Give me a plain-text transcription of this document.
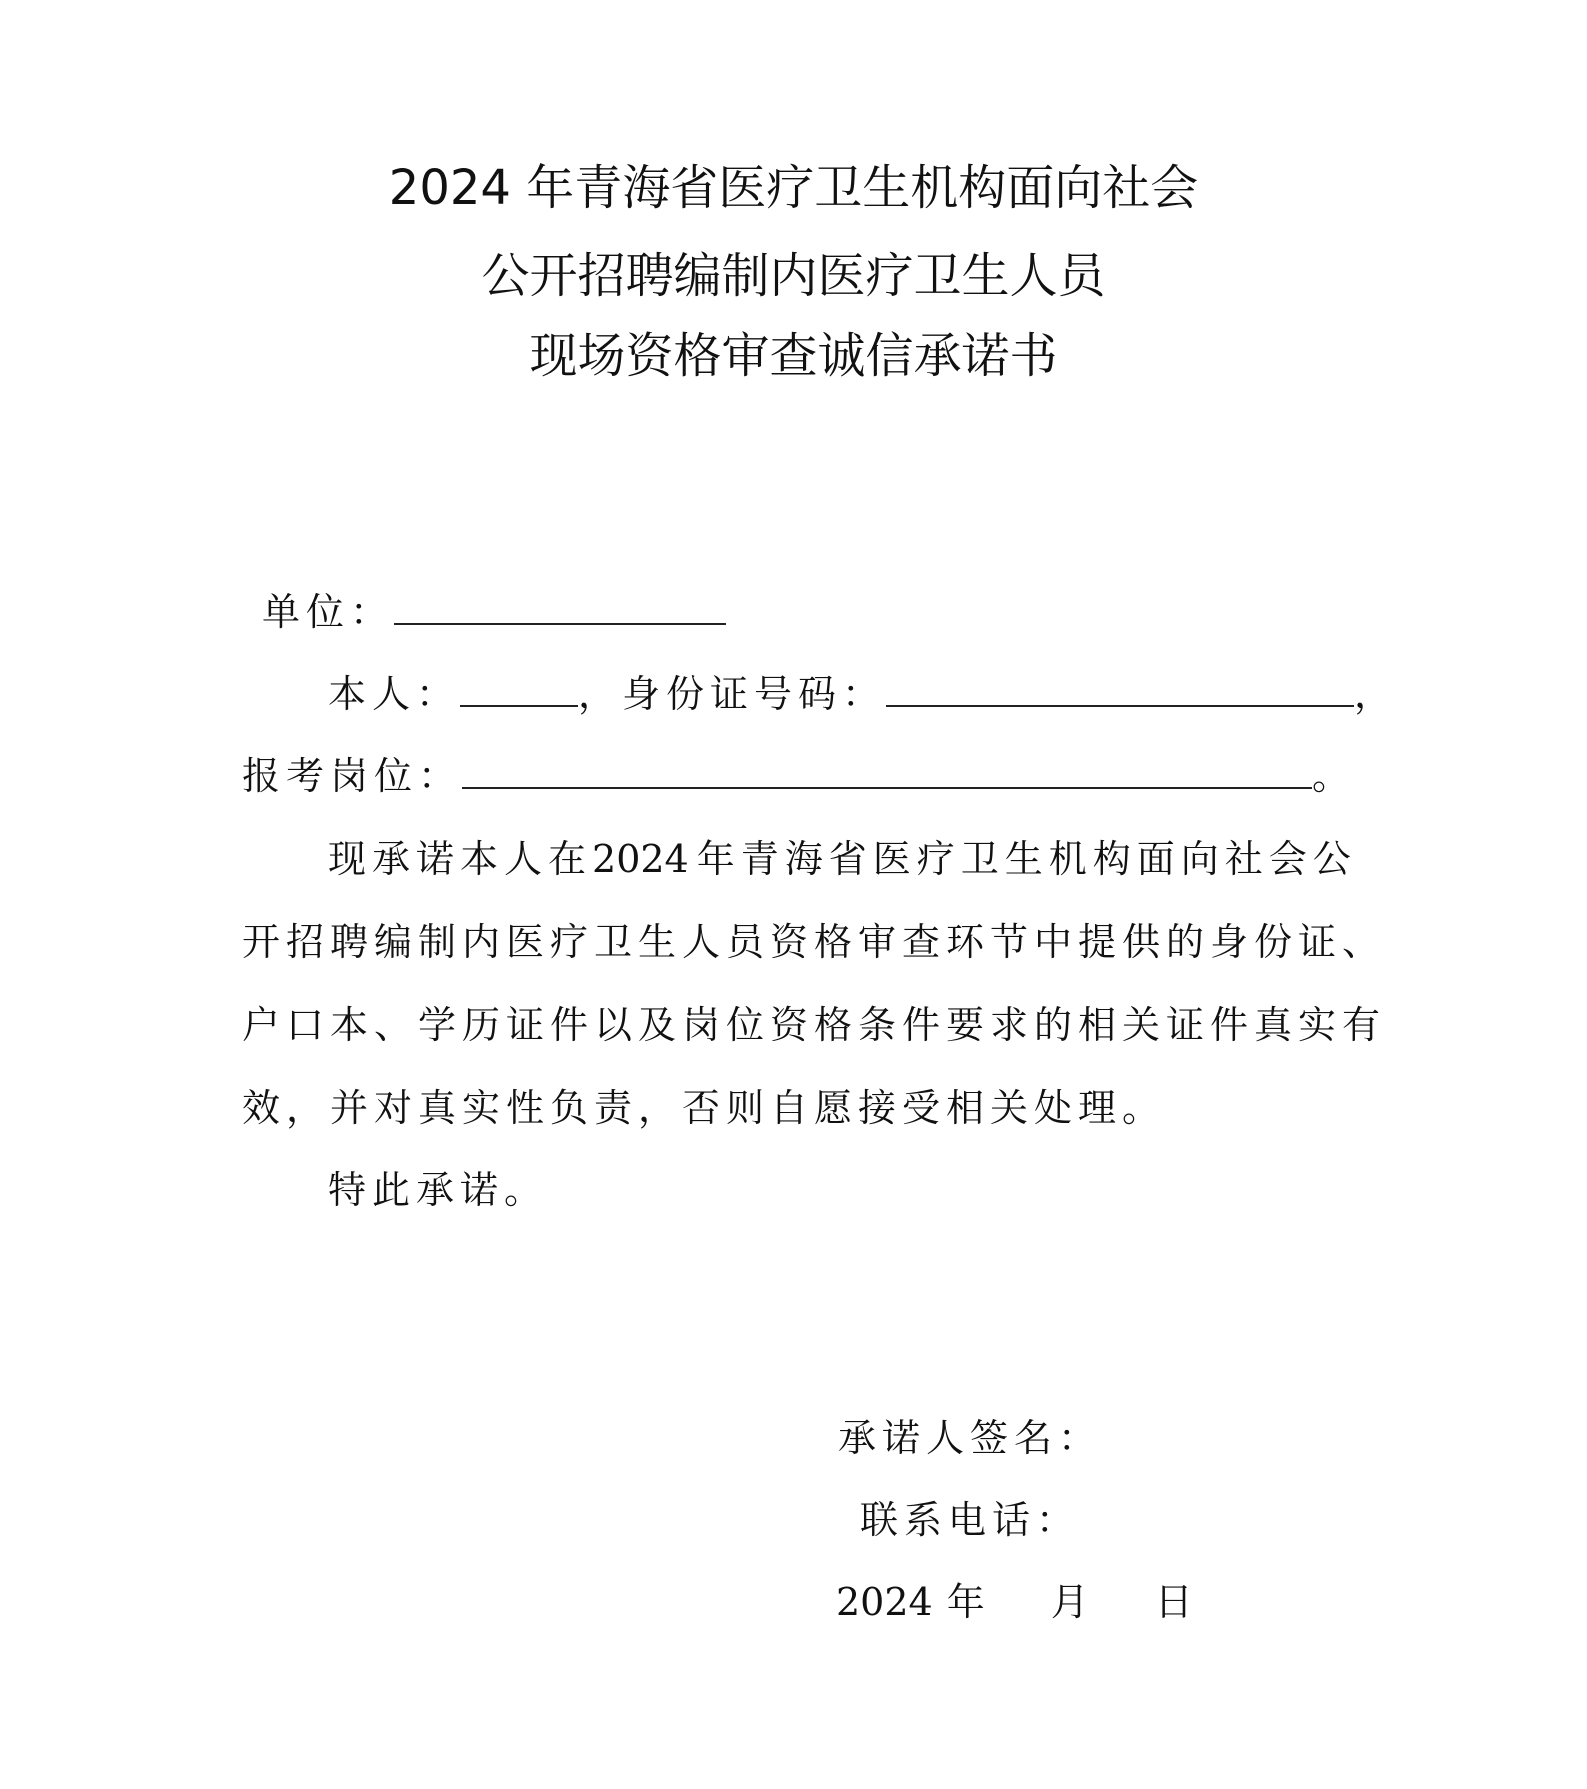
2024 年青海省医疗卫生机构面向社会
公开招聘编制内医疗卫生人员
现场资格审查诚信承诺书
单位：
本人：	，身份证号码：	，
报考岗位：	。
现承诺本人在2024 年青海省医疗卫生机构面向社会公
开招聘编制内医疗卫生人员资格审查环节中提供的身份证、
户口本、学历证件以及岗位资格条件要求的相关证件真实有
效，并对真实性负责，否则自愿接受相关处理。
特此承诺。
承诺人签名：
联系电话：
2024 年 月 日
